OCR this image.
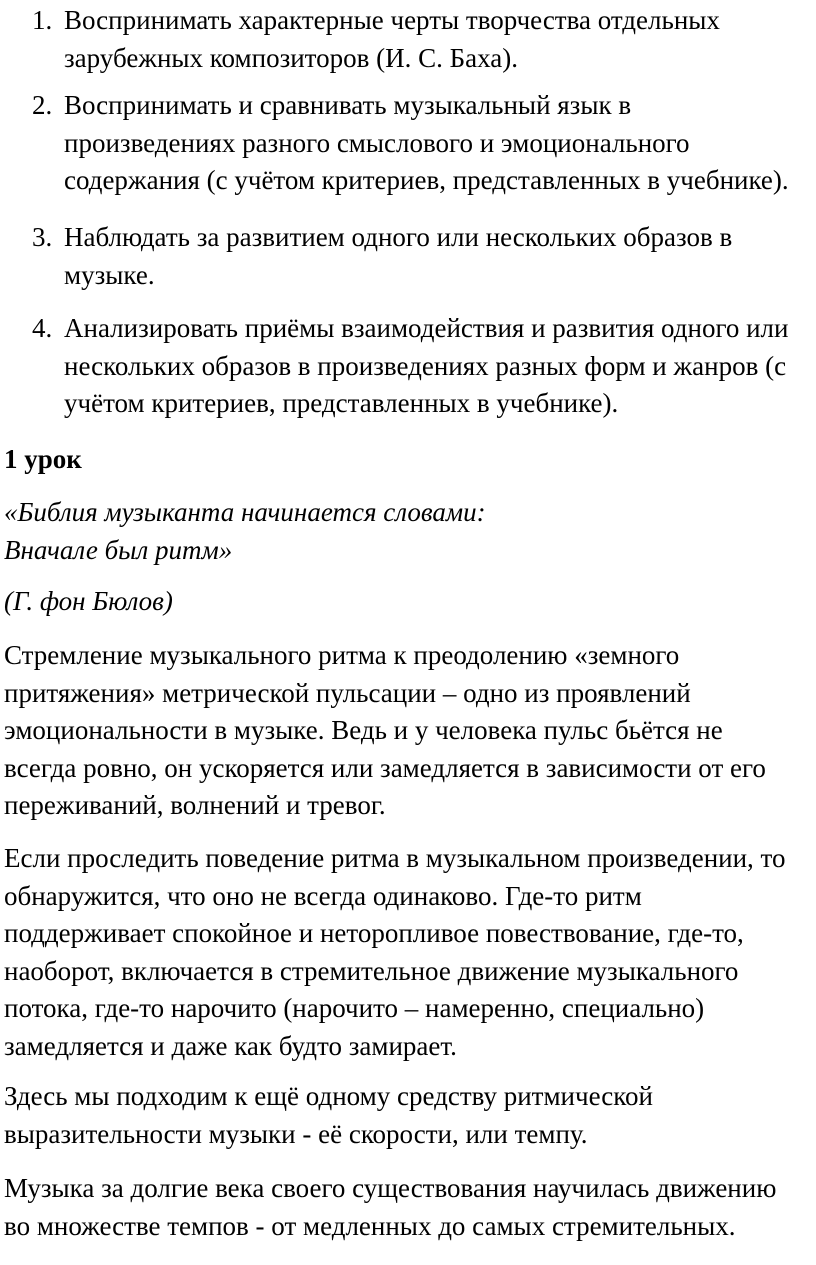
1. Воспринимать характерные черты творчества отдельных
зарубежных композиторов (И. С. Баха).
2. Воспринимать и сравнивать музыкальный язык в
произведениях разного смыслового и эмоционального
содержания (с учётом критериев, представленных в учебнике).
3. Наблюдать за развитием одного или нескольких образов в
музыке.
4. Анализировать приёмы взаимодействия и развития одного или
нескольких образов в произведениях разных форм и жанров (с
учётом критериев, представленных в учебнике).
1 урок
«Библия музыканта начинается словами:
Вначале был ритм»
(Г. фон Бюлов)
Стремление музыкального ритма к преодолению «земного
притяжения» метрической пульсации – одно из проявлений
эмоциональности в музыке. Ведь и у человека пульс бьётся не
всегда ровно, он ускоряется или замедляется в зависимости от его
переживаний, волнений и тревог.
Если проследить поведение ритма в музыкальном произведении, то
обнаружится, что оно не всегда одинаково. Где-то ритм
поддерживает спокойное и неторопливое повествование, где-то,
наоборот, включается в стремительное движение музыкального
потока, где-то нарочито (нарочито – намеренно, специально)
замедляется и даже как будто замирает.
Здесь мы подходим к ещё одному средству ритмической
выразительности музыки - её скорости, или темпу.
Музыка за долгие века своего существования научилась движению
во множестве темпов - от медленных до самых стремительных.
